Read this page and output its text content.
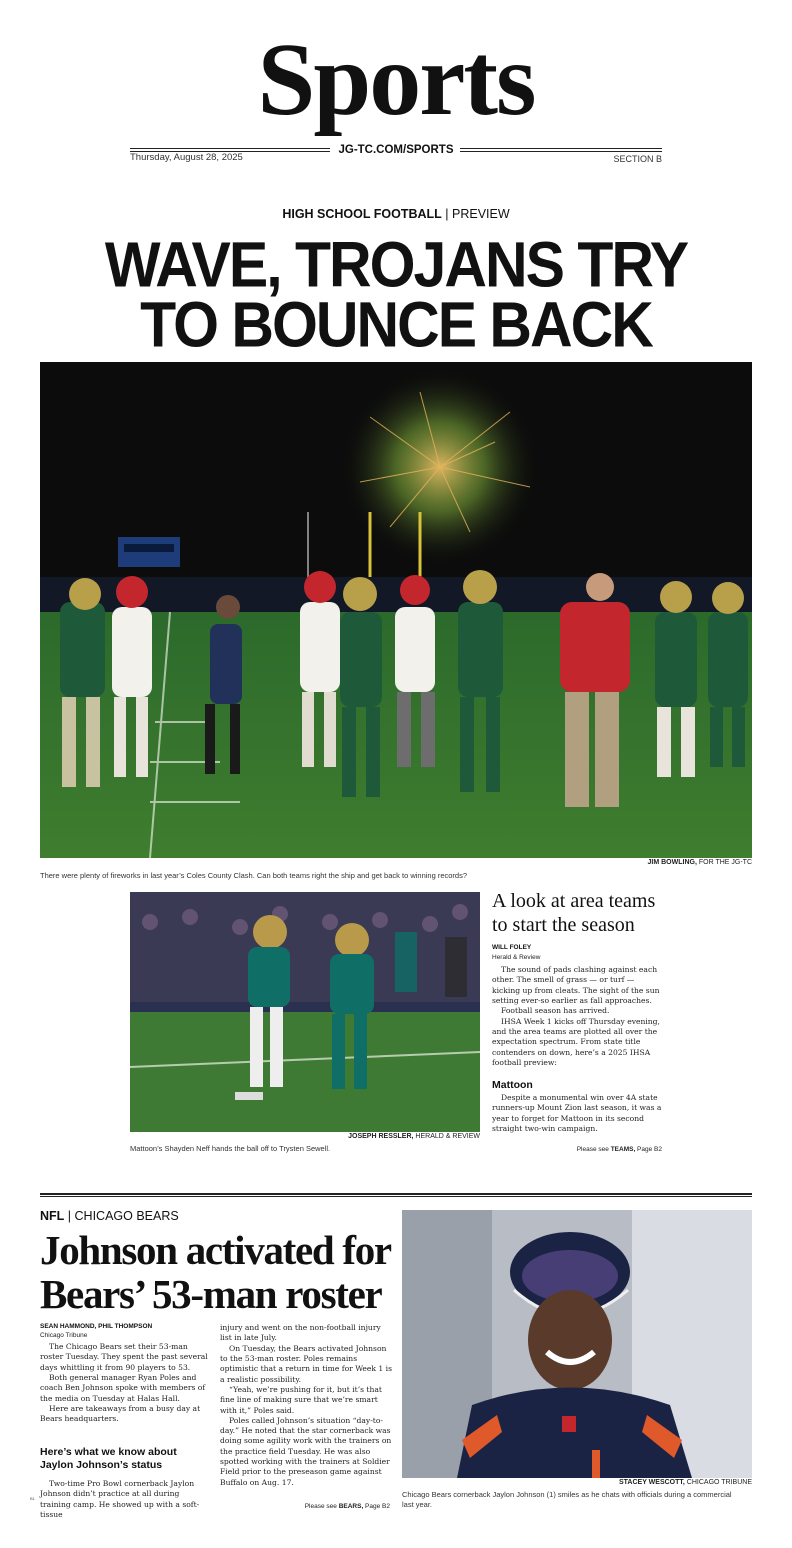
Sports
JG-TC.COM/SPORTS
Thursday, August 28, 2025	SECTION B
HIGH SCHOOL FOOTBALL | PREVIEW
WAVE, TROJANS TRY
TO BOUNCE BACK
JIM BOWLING, FOR THE JG-TC
There were plenty of fireworks in last year’s Coles County Clash. Can both teams right the ship and get back to winning records?
JOSEPH RESSLER, HERALD & REVIEW
Mattoon’s Shayden Neff hands the ball off to Trysten Sewell.
A look at area teams to start the season
WILL FOLEY
Herald & Review

The sound of pads clashing against each other. The smell of grass — or turf — kicking up from cleats. The sight of the sun setting ever-so earlier as fall approaches.

Football season has arrived.

IHSA Week 1 kicks off Thursday evening, and the area teams are plotted all over the expectation spectrum. From state title contenders on down, here’s a 2025 IHSA football preview:

Mattoon

Despite a monumental win over 4A state runners-up Mount Zion last season, it was a year to forget for Mattoon in its second straight two-win campaign.

Please see TEAMS, Page B2
NFL | CHICAGO BEARS
Johnson activated for
Bears’ 53-man roster
SEAN HAMMOND, PHIL THOMPSON
Chicago Tribune

The Chicago Bears set their 53-man roster Tuesday. They spent the past several days whittling it from 90 players to 53.

Both general manager Ryan Poles and coach Ben Johnson spoke with members of the media on Tuesday at Halas Hall.

Here are takeaways from a busy day at Bears headquarters.

Here’s what we know about Jaylon Johnson’s status

Two-time Pro Bowl cornerback Jaylon Johnson didn’t practice at all during training camp. He showed up with a soft-tissue

B1
injury and went on the non-football injury list in late July.

On Tuesday, the Bears activated Johnson to the 53-man roster. Poles remains optimistic that a return in time for Week 1 is a realistic possibility.

“Yeah, we’re pushing for it, but it’s that fine line of making sure that we’re smart with it,” Poles said.

Poles called Johnson’s situation “day-to-day.” He noted that the star cornerback was doing some agility work with the trainers on the practice field Tuesday. He was also spotted working with the trainers at Soldier Field prior to the preseason game against Buffalo on Aug. 17.

Please see BEARS, Page B2
STACEY WESCOTT, CHICAGO TRIBUNE
Chicago Bears cornerback Jaylon Johnson (1) smiles as he chats with officials during a commercial last year.
